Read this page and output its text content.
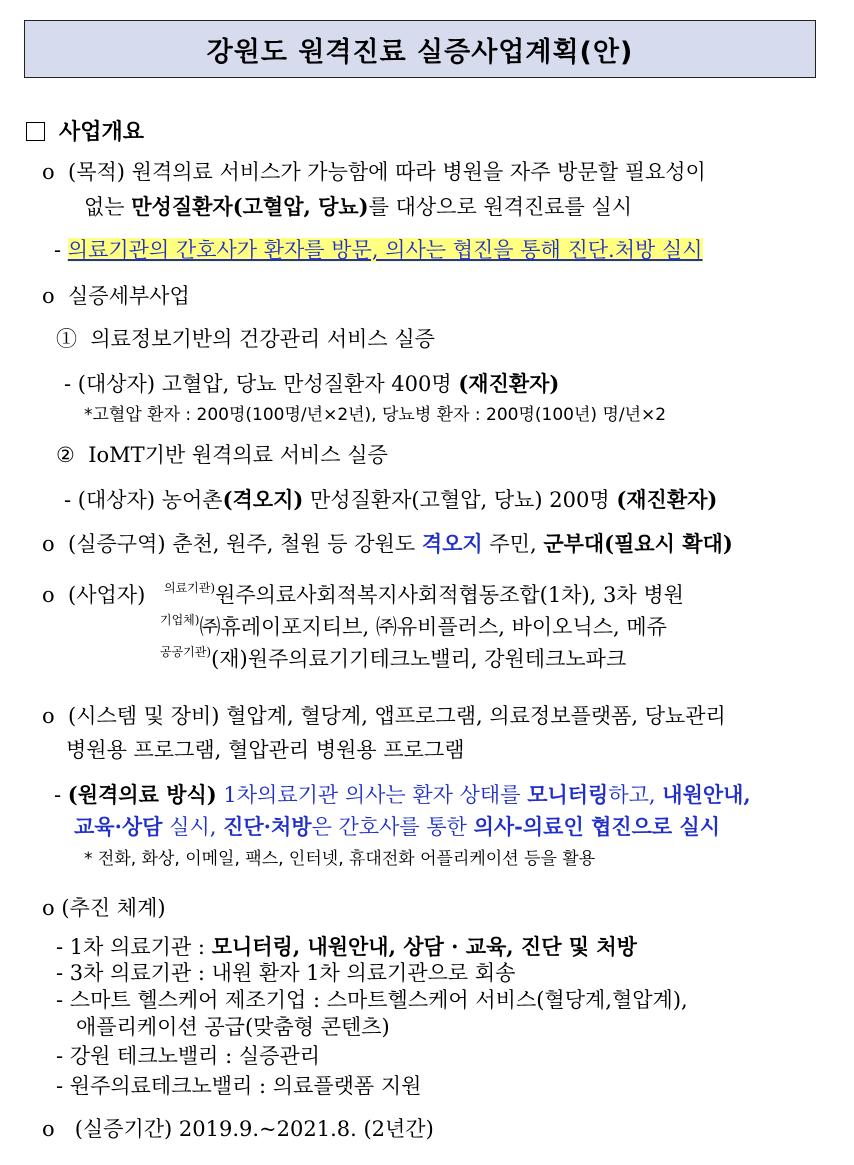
강원도 원격진료 실증사업계획(안)
사업개요
o (목적) 원격의료 서비스가 가능함에 따라 병원을 자주 방문할 필요성이
없는 만성질환자(고혈압, 당뇨)를 대상으로 원격진료를 실시
- 의료기관의 간호사가 환자를 방문, 의사는 협진을 통해 진단.처방 실시
o 실증세부사업
① 의료정보기반의 건강관리 서비스 실증
- (대상자) 고혈압, 당뇨 만성질환자 400명 (재진환자)
*고혈압 환자 : 200명(100명/년×2년), 당뇨병 환자 : 200명(100년) 명/년×2
② IoMT기반 원격의료 서비스 실증
- (대상자) 농어촌(격오지) 만성질환자(고혈압, 당뇨) 200명 (재진환자)
o (실증구역) 춘천, 원주, 철원 등 강원도 격오지 주민, 군부대(필요시 확대)
o (사업자) $^{의료기관)}$원주의료사회적복지사회적협동조합(1차), 3차 병원
$^{기업체)}$㈜휴레이포지티브, ㈜유비플러스, 바이오닉스, 메쥬
$^{공공기관)}$(재)원주의료기기테크노밸리, 강원테크노파크
o (시스템 및 장비) 혈압계, 혈당계, 앱프로그램, 의료정보플랫폼, 당뇨관리
병원용 프로그램, 혈압관리 병원용 프로그램
- (원격의료 방식) 1차의료기관 의사는 환자 상태를 모니터링하고, 내원안내,
교육·상담 실시, 진단·처방은 간호사를 통한 의사-의료인 협진으로 실시
* 전화, 화상, 이메일, 팩스, 인터넷, 휴대전화 어플리케이션 등을 활용
o (추진 체계)
- 1차 의료기관 : 모니터링, 내원안내, 상담 · 교육, 진단 및 처방
- 3차 의료기관 : 내원 환자 1차 의료기관으로 회송
- 스마트 헬스케어 제조기업 : 스마트헬스케어 서비스(혈당계,혈압계),
애플리케이션 공급(맞춤형 콘텐츠)
- 강원 테크노밸리 : 실증관리
- 원주의료테크노밸리 : 의료플랫폼 지원
o (실증기간) 2019.9.~2021.8. (2년간)
